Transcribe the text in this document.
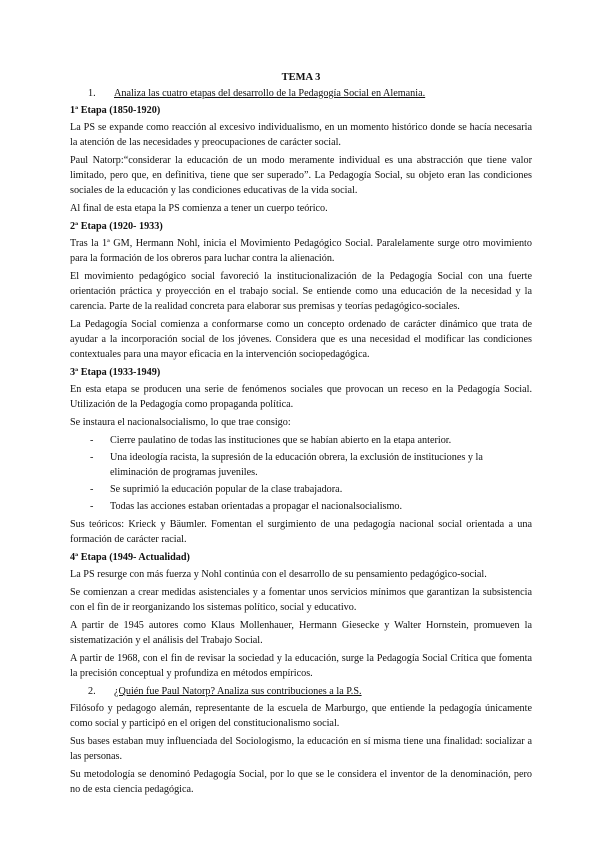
TEMA 3
1. Analiza las cuatro etapas del desarrollo de la Pedagogía Social en Alemania.
1ª Etapa (1850-1920)

La PS se expande como reacción al excesivo individualismo, en un momento histórico donde se hacía necesaria la atención de las necesidades y preocupaciones de carácter social.

Paul Natorp:“considerar la educación de un modo meramente individual es una abstracción que tiene valor limitado, pero que, en definitiva, tiene que ser superado”. La Pedagogía Social, su objeto eran las condiciones sociales de la educación y las condiciones educativas de la vida social.

Al final de esta etapa la PS comienza a tener un cuerpo teórico.

2ª Etapa (1920- 1933)

Tras la 1ª GM, Hermann Nohl, inicia el Movimiento Pedagógico Social. Paralelamente surge otro movimiento para la formación de los obreros para luchar contra la alienación.

El movimiento pedagógico social favoreció la institucionalización de la Pedagogía Social con una fuerte orientación práctica y proyección en el trabajo social. Se entiende como una educación de la necesidad y la carencia. Parte de la realidad concreta para elaborar sus premisas y teorías pedagógico-sociales.

La Pedagogía Social comienza a conformarse como un concepto ordenado de carácter dinámico que trata de ayudar a la incorporación social de los jóvenes. Considera que es una necesidad el modificar las condiciones contextuales para una mayor eficacia en la intervención sociopedagógica.

3ª Etapa (1933-1949)

En esta etapa se producen una serie de fenómenos sociales que provocan un receso en la Pedagogía Social. Utilización de la Pedagogía como propaganda política.

Se instaura el nacionalsocialismo, lo que trae consigo:

- Cierre paulatino de todas las instituciones que se habían abierto en la etapa anterior.
- Una ideología racista, la supresión de la educación obrera, la exclusión de instituciones y la eliminación de programas juveniles.
- Se suprimió la educación popular de la clase trabajadora.
- Todas las acciones estaban orientadas a propagar el nacionalsocialismo.

Sus teóricos: Krieck y Bäumler. Fomentan el surgimiento de una pedagogía nacional social orientada a una formación de carácter racial.

4ª Etapa (1949- Actualidad)

La PS resurge con más fuerza y Nohl continúa con el desarrollo de su pensamiento pedagógico-social.

Se comienzan a crear medidas asistenciales y a fomentar unos servicios mínimos que garantizan la subsistencia con el fin de ir reorganizando los sistemas político, social y educativo.

A partir de 1945 autores como Klaus Mollenhauer, Hermann Giesecke y Walter Hornstein, promueven la sistematización y el análisis del Trabajo Social.

A partir de 1968, con el fin de revisar la sociedad y la educación, surge la Pedagogía Social Crítica que fomenta la precisión conceptual y profundiza en métodos empíricos.

2. ¿Quién fue Paul Natorp? Analiza sus contribuciones a la P.S.

Filósofo y pedagogo alemán, representante de la escuela de Marburgo, que entiende la pedagogía únicamente como social y participó en el origen del constitucionalismo social.

Sus bases estaban muy influenciada del Sociologismo, la educación en sí misma tiene una finalidad: socializar a las personas.

Su metodología se denominó Pedagogía Social, por lo que se le considera el inventor de la denominación, pero no de esta ciencia pedagógica.
